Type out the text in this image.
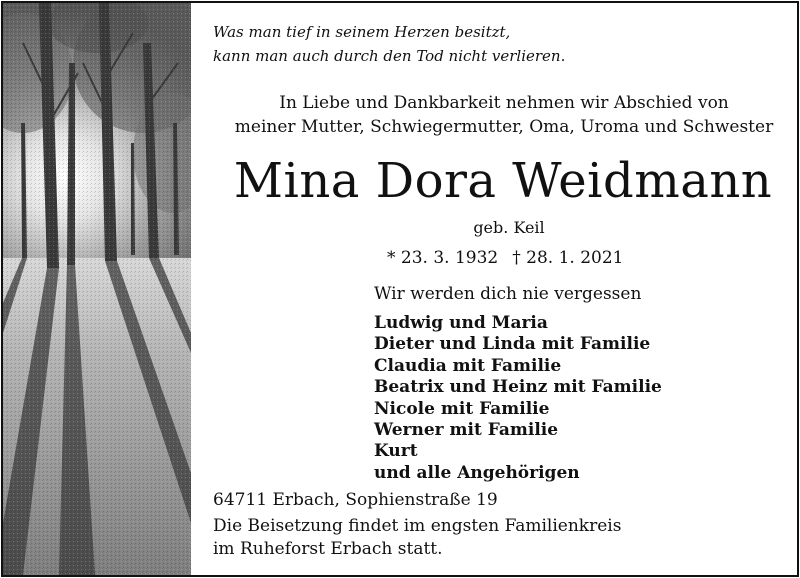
Was man tief in seinem Herzen besitzt,
kann man auch durch den Tod nicht verlieren.
In Liebe und Dankbarkeit nehmen wir Abschied von
meiner Mutter, Schwiegermutter, Oma, Uroma und Schwester
Mina Dora Weidmann
geb. Keil
* 23. 3. 1932 † 28. 1. 2021
Wir werden dich nie vergessen
Ludwig und Maria
Dieter und Linda mit Familie
Claudia mit Familie
Beatrix und Heinz mit Familie
Nicole mit Familie
Werner mit Familie
Kurt
und alle Angehörigen
64711 Erbach, Sophienstraße 19
Die Beisetzung findet im engsten Familienkreis
im Ruheforst Erbach statt.
